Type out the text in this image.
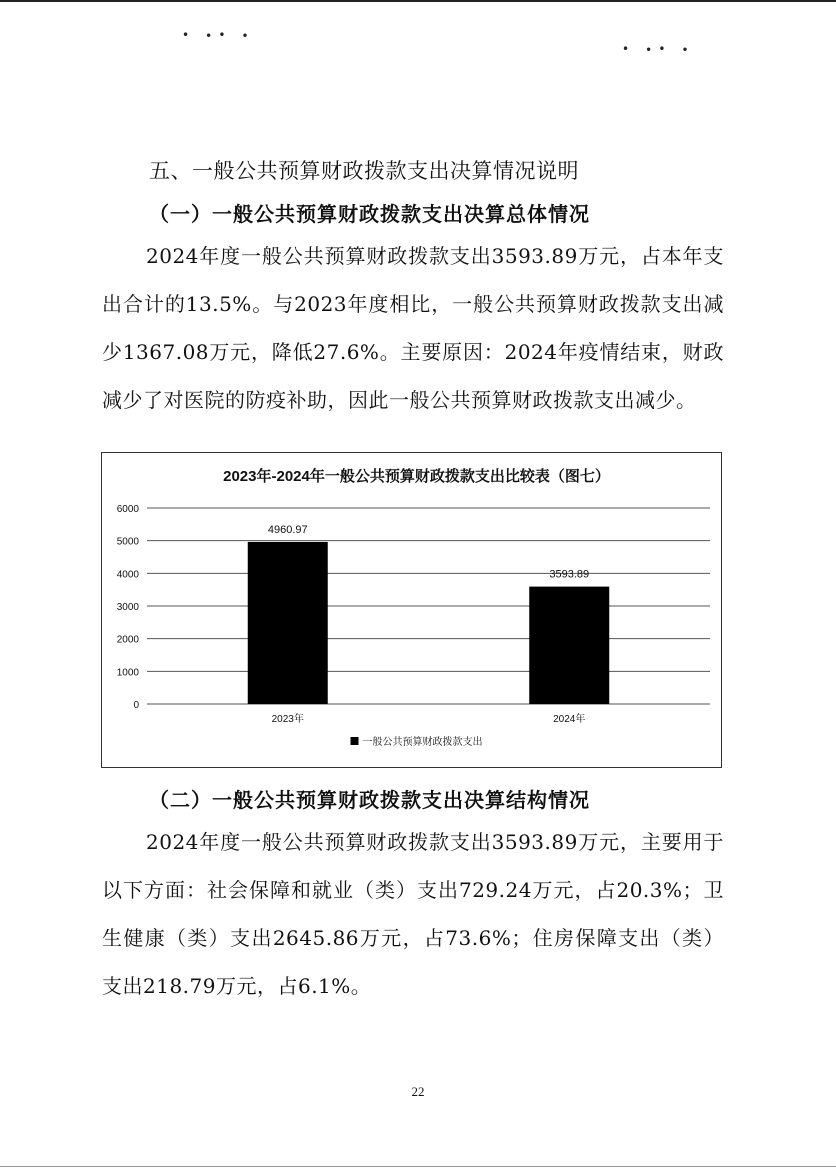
• ∙• ∙
• ∙• ∙
五、一般公共预算财政拨款支出决算情况说明
（一）一般公共预算财政拨款支出决算总体情况

2024年度一般公共预算财政拨款支出3593.89万元，占本年支出合计的13.5%。与2023年度相比，一般公共预算财政拨款支出减少1367.08万元，降低27.6%。主要原因：2024年疫情结束，财政减少了对医院的防疫补助，因此一般公共预算财政拨款支出减少。

2023年-2024年一般公共预算财政拨款支出比较表（图七）
0
1000
2000
3000
4000
5000
6000
4960.97
2023年
3593.89
2024年
一般公共预算财政拨款支出
（二）一般公共预算财政拨款支出决算结构情况

2024年度一般公共预算财政拨款支出3593.89万元，主要用于以下方面：社会保障和就业（类）支出729.24万元，占20.3%；卫生健康（类）支出2645.86万元，占73.6%；住房保障支出（类）支出218.79万元，占6.1%。

22
